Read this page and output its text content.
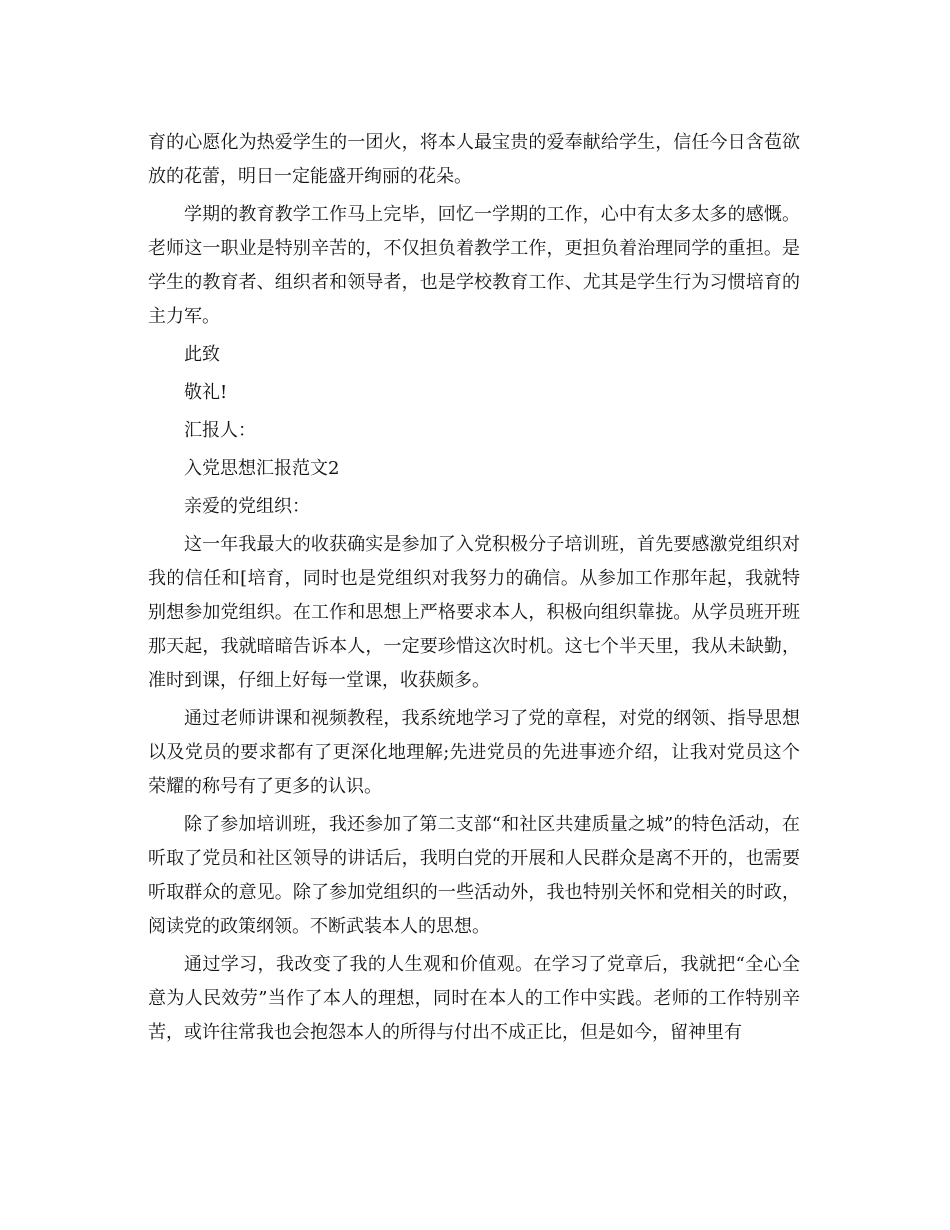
育的心愿化为热爱学生的一团火，将本人最宝贵的爱奉献给学生，信任今日含苞欲放的花蕾，明日一定能盛开绚丽的花朵。

学期的教育教学工作马上完毕，回忆一学期的工作，心中有太多太多的感慨。老师这一职业是特别辛苦的，不仅担负着教学工作，更担负着治理同学的重担。是学生的教育者、组织者和领导者，也是学校教育工作、尤其是学生行为习惯培育的主力军。

此致

敬礼!

汇报人：

入党思想汇报范文2

亲爱的党组织：

这一年我最大的收获确实是参加了入党积极分子培训班，首先要感激党组织对我的信任和[培育，同时也是党组织对我努力的确信。从参加工作那年起，我就特别想参加党组织。在工作和思想上严格要求本人，积极向组织靠拢。从学员班开班那天起，我就暗暗告诉本人，一定要珍惜这次时机。这七个半天里，我从未缺勤，准时到课，仔细上好每一堂课，收获颇多。

通过老师讲课和视频教程，我系统地学习了党的章程，对党的纲领、指导思想以及党员的要求都有了更深化地理解;先进党员的先进事迹介绍，让我对党员这个荣耀的称号有了更多的认识。

除了参加培训班，我还参加了第二支部“和社区共建质量之城”的特色活动，在听取了党员和社区领导的讲话后，我明白党的开展和人民群众是离不开的，也需要听取群众的意见。除了参加党组织的一些活动外，我也特别关怀和党相关的时政，阅读党的政策纲领。不断武装本人的思想。

通过学习，我改变了我的人生观和价值观。在学习了党章后，我就把“全心全意为人民效劳”当作了本人的理想，同时在本人的工作中实践。老师的工作特别辛苦，或许往常我也会抱怨本人的所得与付出不成正比，但是如今，留神里有
